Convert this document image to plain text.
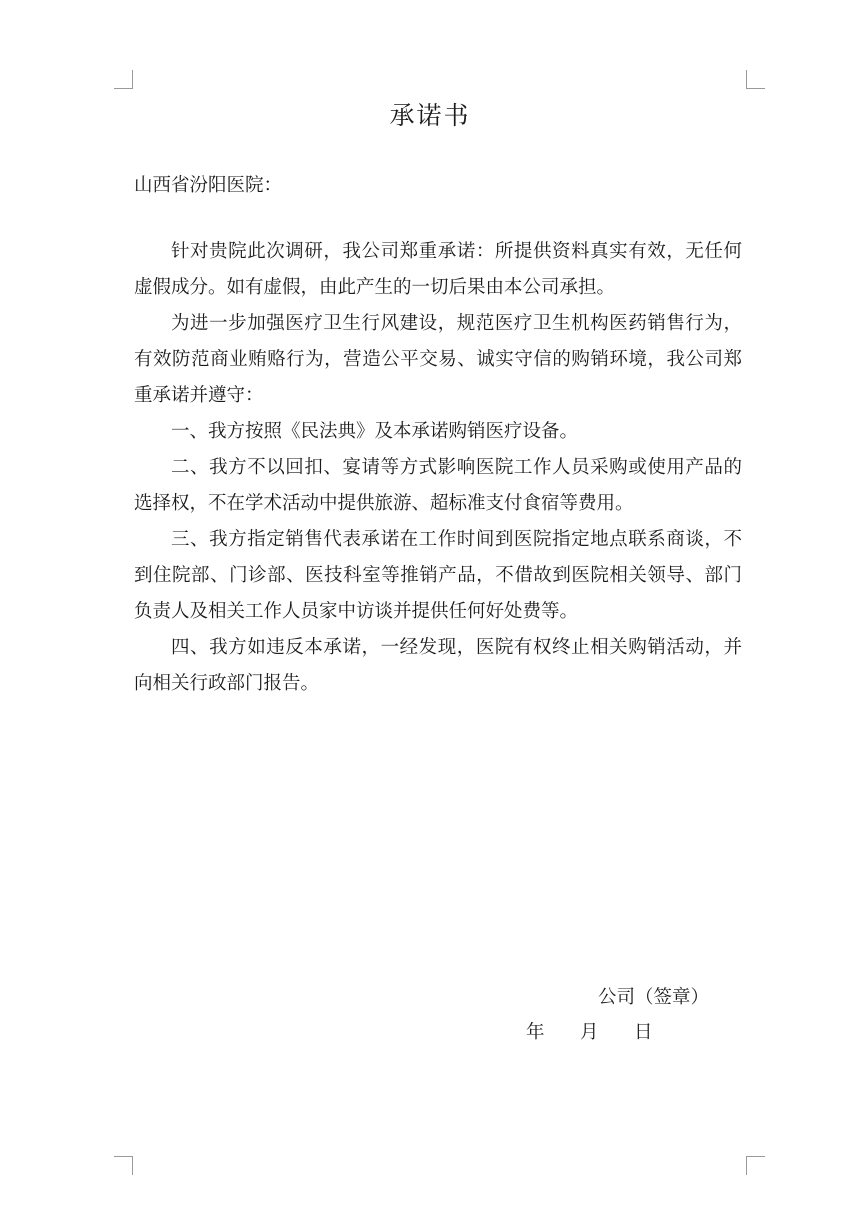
承诺书
山西省汾阳医院：

针对贵院此次调研，我公司郑重承诺：所提供资料真实有效，无任何虚假成分。如有虚假，由此产生的一切后果由本公司承担。

为进一步加强医疗卫生行风建设，规范医疗卫生机构医药销售行为，有效防范商业贿赂行为，营造公平交易、诚实守信的购销环境，我公司郑重承诺并遵守：

一、我方按照《民法典》及本承诺购销医疗设备。

二、我方不以回扣、宴请等方式影响医院工作人员采购或使用产品的选择权，不在学术活动中提供旅游、超标准支付食宿等费用。

三、我方指定销售代表承诺在工作时间到医院指定地点联系商谈，不到住院部、门诊部、医技科室等推销产品，不借故到医院相关领导、部门负责人及相关工作人员家中访谈并提供任何好处费等。

四、我方如违反本承诺，一经发现，医院有权终止相关购销活动，并向相关行政部门报告。

公司（签章）
年 月 日
